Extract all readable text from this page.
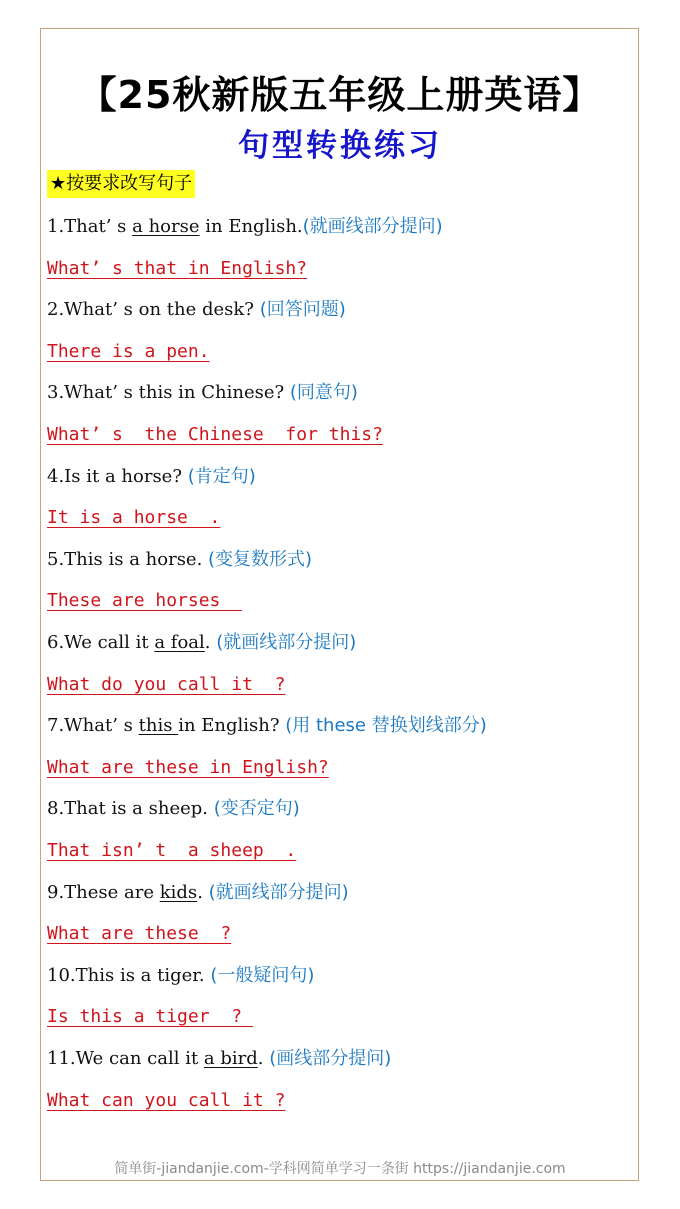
【25秋新版五年级上册英语】
句型转换练习
★按要求改写句子
1.That’ s a horse in English.(就画线部分提问)
What’ s that in English?
2.What’ s on the desk? (回答问题)
There is a pen.
3.What’ s this in Chinese? (同意句)
What’ s  the Chinese  for this?
4.Is it a horse? (肯定句)
It is a horse  .
5.This is a horse. (变复数形式)
These are horses
6.We call it a foal. (就画线部分提问)
What do you call it  ?
7.What’ s this in English? (用 these 替换划线部分)
What are these in English?
8.That is a sheep. (变否定句)
That isn’ t  a sheep  .
9.These are kids. (就画线部分提问)
What are these  ?
10.This is a tiger. (一般疑问句)
Is this a tiger  ?
11.We can call it a bird. (画线部分提问)
What can you call it ?
简单街-jiandanjie.com-学科网简单学习一条街 https://jiandanjie.com
